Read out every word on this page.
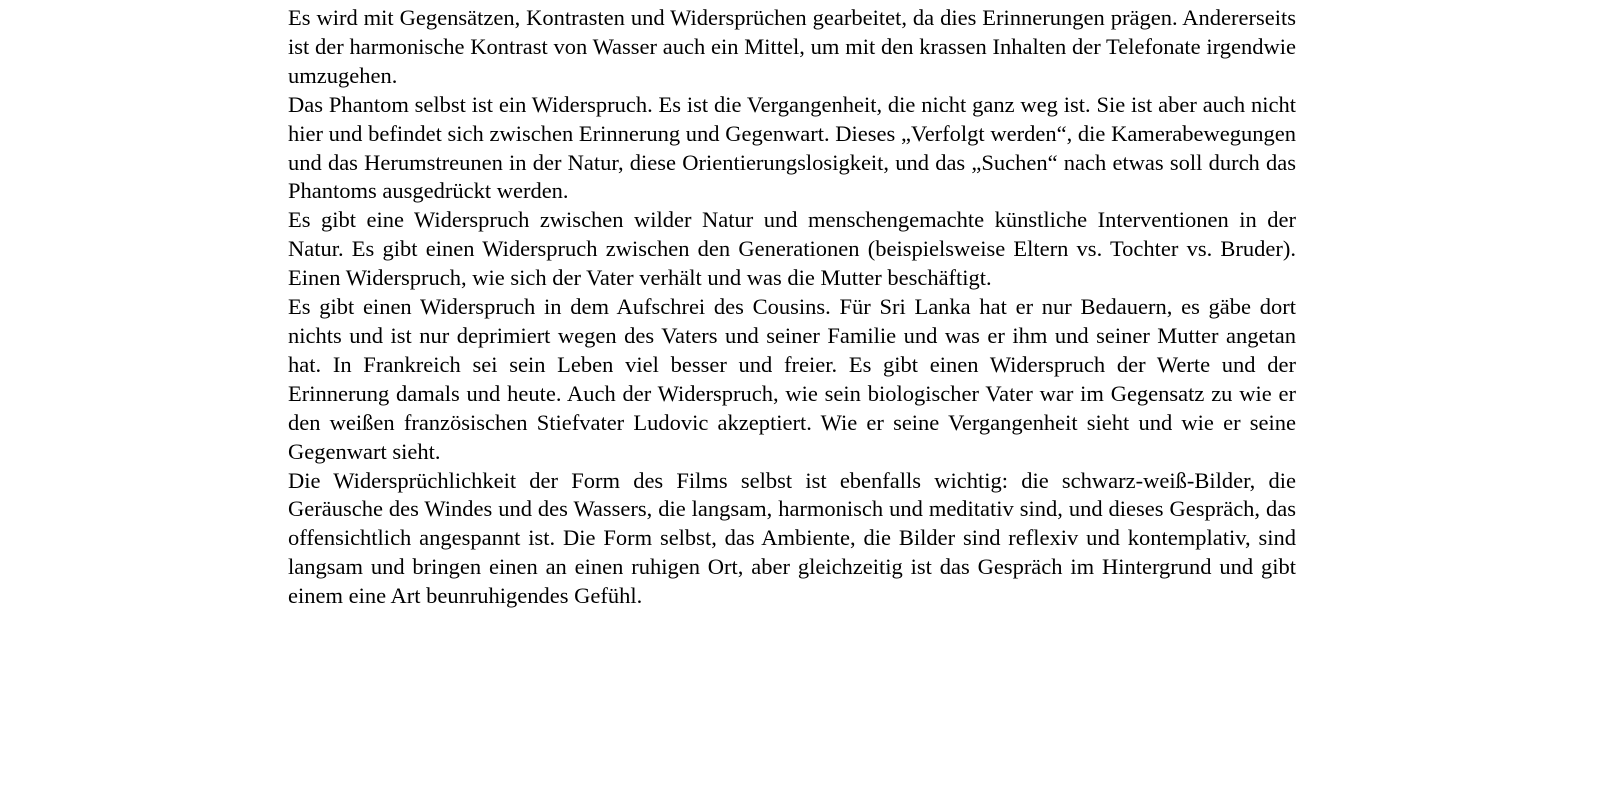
Es wird mit Gegensätzen, Kontrasten und Widersprüchen gearbeitet, da dies Erinnerungen prägen. Andererseits ist der harmonische Kontrast von Wasser auch ein Mittel, um mit den krassen Inhalten der Telefonate irgendwie umzugehen.

Das Phantom selbst ist ein Widerspruch. Es ist die Vergangenheit, die nicht ganz weg ist. Sie ist aber auch nicht hier und befindet sich zwischen Erinnerung und Gegenwart. Dieses „Verfolgt werden“, die Kamerabewegungen und das Herumstreunen in der Natur, diese Orientierungslosigkeit, und das „Suchen“ nach etwas soll durch das Phantoms ausgedrückt werden.

Es gibt eine Widerspruch zwischen wilder Natur und menschengemachte künstliche Interventionen in der Natur. Es gibt einen Widerspruch zwischen den Generationen (beispielsweise Eltern vs. Tochter vs. Bruder). Einen Widerspruch, wie sich der Vater verhält und was die Mutter beschäftigt.

Es gibt einen Widerspruch in dem Aufschrei des Cousins. Für Sri Lanka hat er nur Bedauern, es gäbe dort nichts und ist nur deprimiert wegen des Vaters und seiner Familie und was er ihm und seiner Mutter angetan hat. In Frankreich sei sein Leben viel besser und freier. Es gibt einen Widerspruch der Werte und der Erinnerung damals und heute. Auch der Widerspruch, wie sein biologischer Vater war im Gegensatz zu wie er den weißen französischen Stiefvater Ludovic akzeptiert. Wie er seine Vergangenheit sieht und wie er seine Gegenwart sieht.

Die Widersprüchlichkeit der Form des Films selbst ist ebenfalls wichtig: die schwarz-weiß-Bilder, die Geräusche des Windes und des Wassers, die langsam, harmonisch und meditativ sind, und dieses Gespräch, das offensichtlich angespannt ist. Die Form selbst, das Ambiente, die Bilder sind reflexiv und kontemplativ, sind langsam und bringen einen an einen ruhigen Ort, aber gleichzeitig ist das Gespräch im Hintergrund und gibt einem eine Art beunruhigendes Gefühl.
